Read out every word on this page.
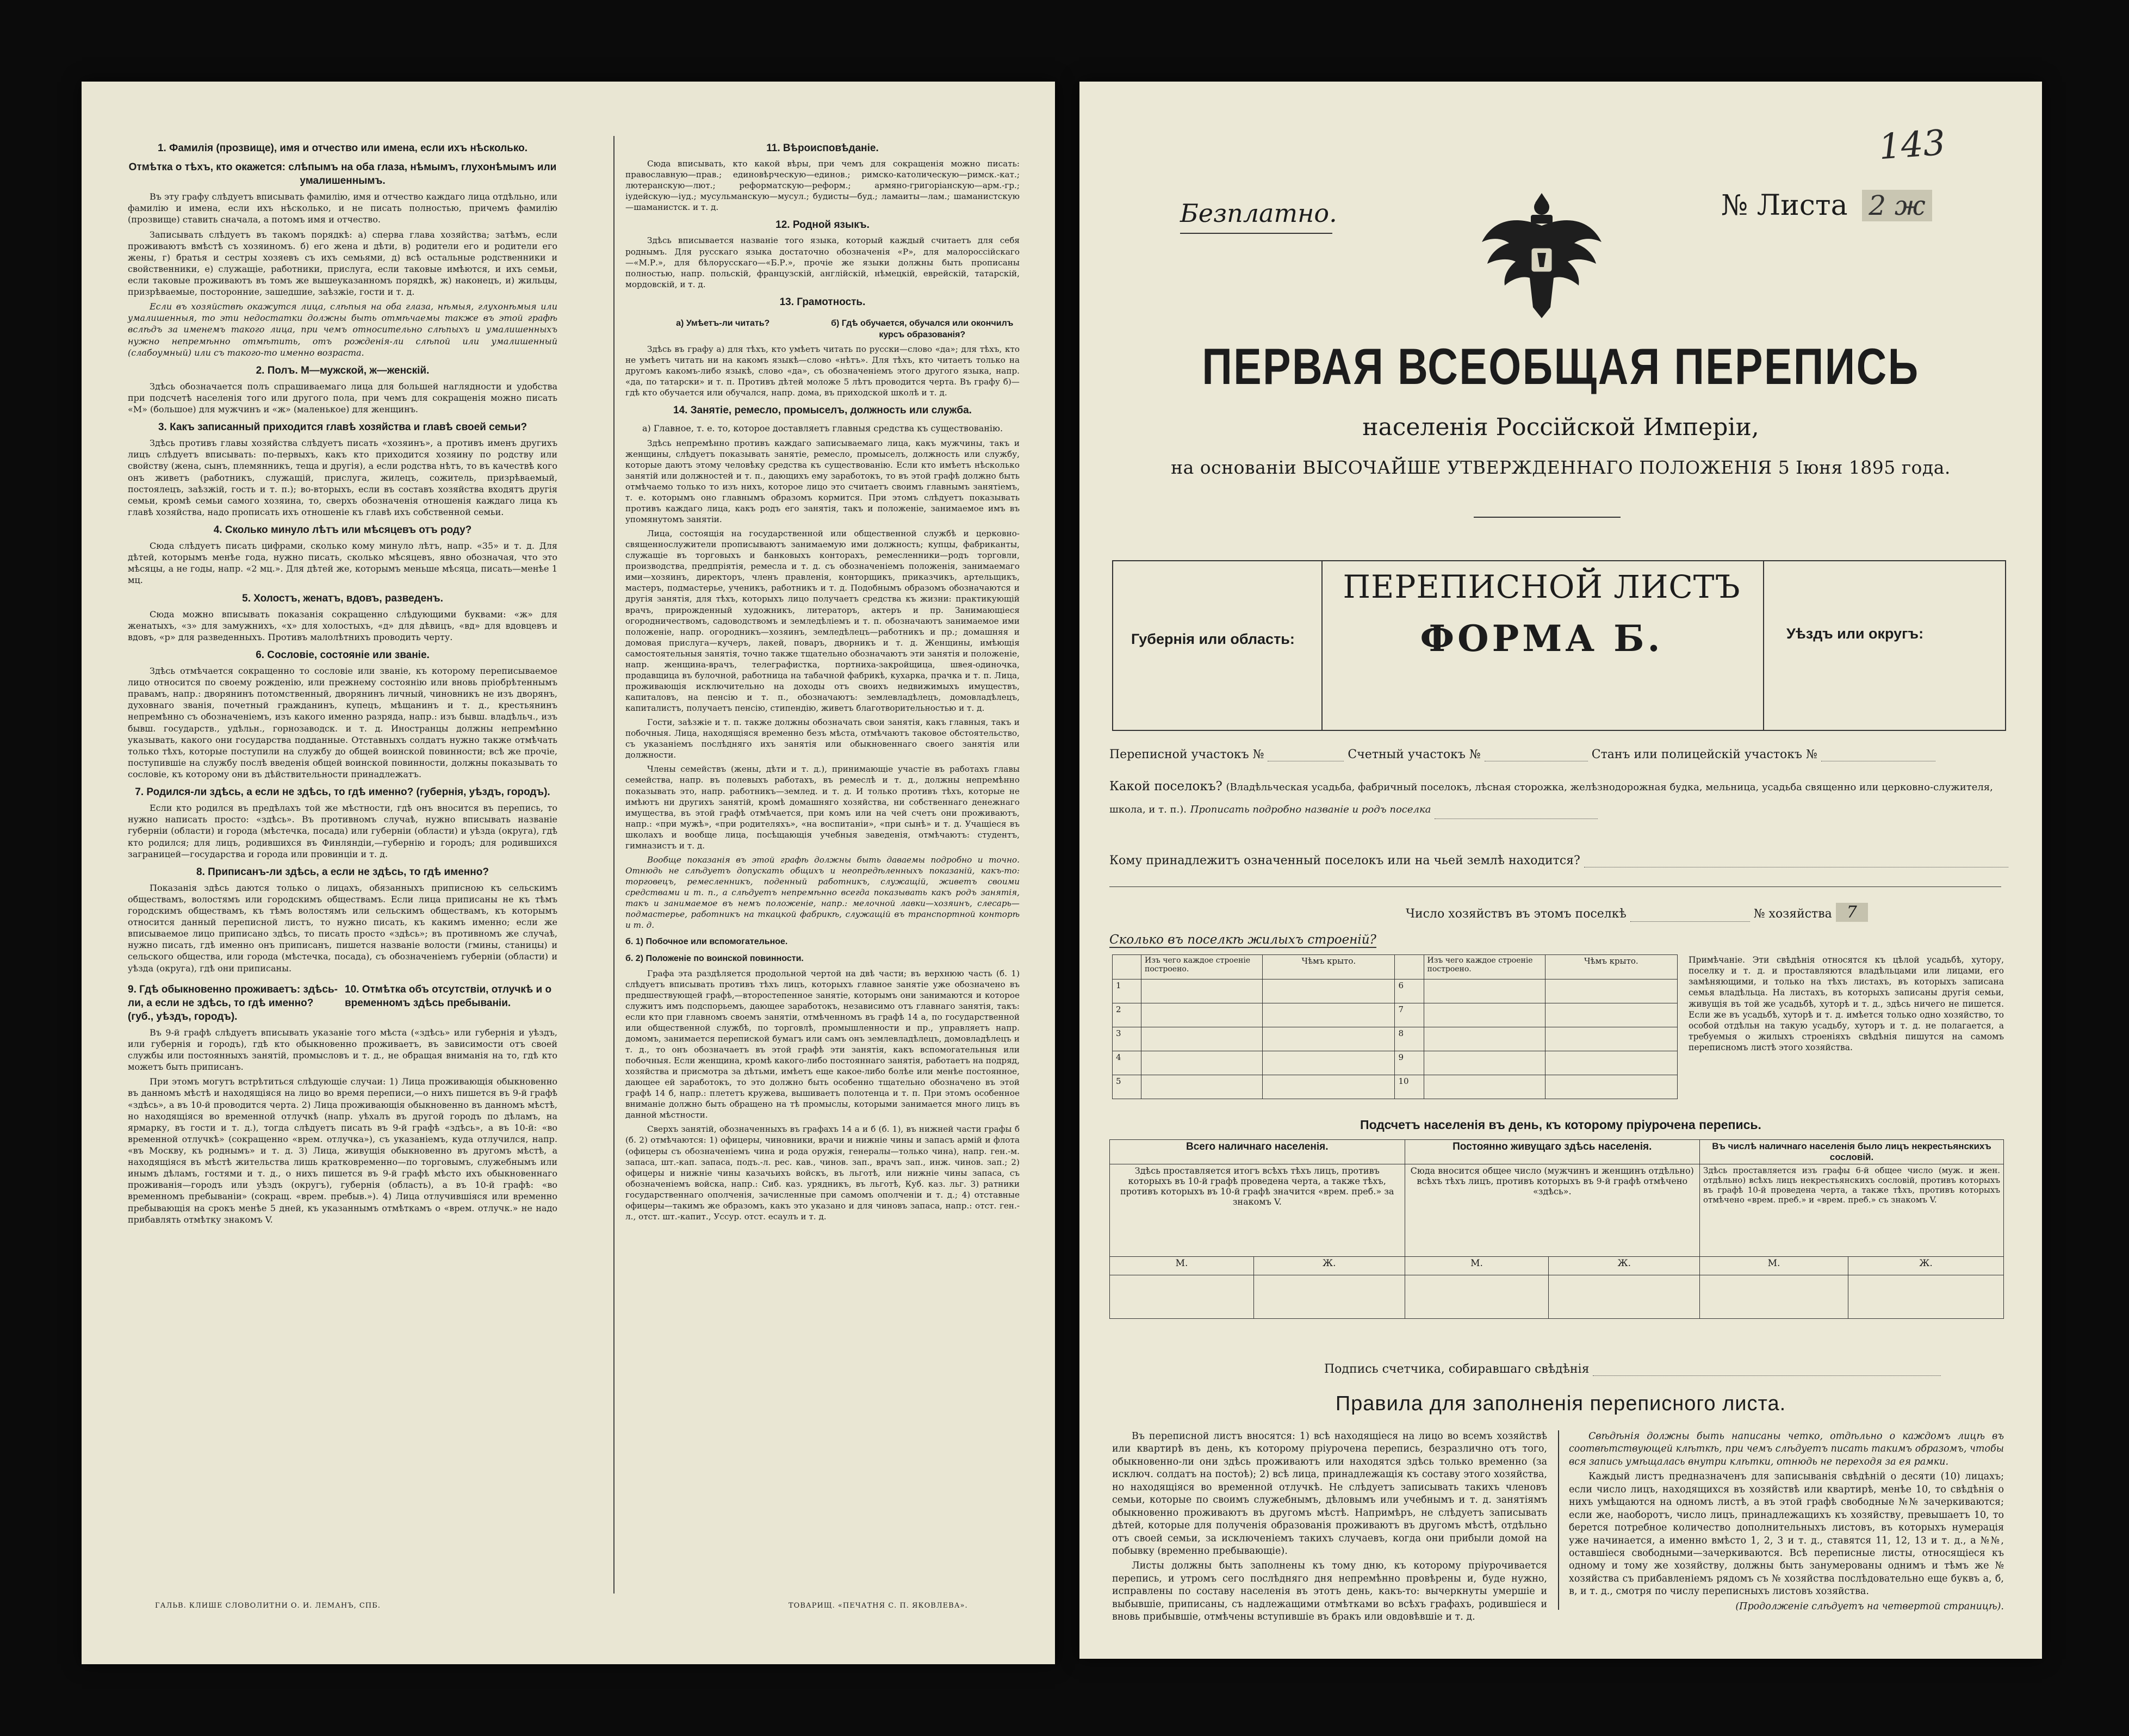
1. Фамилія (прозвище), имя и отчество или имена, если ихъ нѣсколько.
Отмѣтка о тѣхъ, кто окажется: слѣпымъ на оба глаза, нѣмымъ, глухонѣмымъ или умалишеннымъ.

Въ эту графу слѣдуетъ вписывать фамилію, имя и отчество каждаго лица отдѣльно, или фамилію и имена, если ихъ нѣсколько, и не писать полностью, причемъ фамилію (прозвище) ставить сначала, а потомъ имя и отчество.

Записывать слѣдуетъ въ такомъ порядкѣ: а) сперва глава хозяйства; затѣмъ, если проживаютъ вмѣстѣ съ хозяиномъ. б) его жена и дѣти, в) родители его и родители его жены, г) братья и сестры хозяевъ съ ихъ семьями, д) всѣ остальные родственники и свойственники, е) служащіе, работники, прислуга, если таковые имѣются, и ихъ семьи, если таковые проживаютъ въ томъ же вышеуказанномъ порядкѣ, ж) наконецъ, и) жильцы, призрѣваемые, посторонние, зашедшие, заѣзжіе, гости и т. д.

Если въ хозяйствѣ окажутся лица, слѣпыя на оба глаза, нѣмыя, глухонѣмыя или умалишенныя, то эти недостатки должны быть отмѣчаемы также въ этой графѣ вслѣдъ за именемъ такого лица, при чемъ относительно слѣпыхъ и умалишенныхъ нужно непремѣнно отмѣтить, отъ рожденія-ли слѣпой или умалишенный (слабоумный) или съ такого-то именно возраста.

2. Полъ. М—мужской, ж—женскій.

Здѣсь обозначается полъ спрашиваемаго лица для большей наглядности и удобства при подсчетѣ населенія того или другого пола, при чемъ для сокращенія можно писать «М» (большое) для мужчинъ и «ж» (маленькое) для женщинъ.

3. Какъ записанный приходится главѣ хозяйства и главѣ своей семьи?

Здѣсь противъ главы хозяйства слѣдуетъ писать «хозяинъ», а противъ именъ другихъ лицъ слѣдуетъ вписывать: по-первыхъ, какъ кто приходится хозяину по родству или свойству (жена, сынъ, племянникъ, теща и другія), а если родства нѣтъ, то въ качествѣ кого онъ живетъ (работникъ, служащій, прислуга, жилецъ, сожитель, призрѣваемый, постоялецъ, заѣзжій, гость и т. п.); во-вторыхъ, если въ составъ хозяйства входятъ другія семьи, кромѣ семьи самого хозяина, то, сверхъ обозначенія отношенія каждаго лица къ главѣ хозяйства, надо прописать ихъ отношеніе къ главѣ ихъ собственной семьи.

4. Сколько минуло лѣтъ или мѣсяцевъ отъ роду?

Сюда слѣдуетъ писать цифрами, сколько кому минуло лѣтъ, напр. «35» и т. д. Для дѣтей, которымъ менѣе года, нужно писать, сколько мѣсяцевъ, явно обозначая, что это мѣсяцы, а не годы, напр. «2 мц.». Для дѣтей же, которымъ меньше мѣсяца, писать—менѣе 1 мц.

5. Холостъ, женатъ, вдовъ, разведенъ.

Сюда можно вписывать показанія сокращенно слѣдующими буквами: «ж» для женатыхъ, «з» для замужнихъ, «х» для холостыхъ, «д» для дѣвицъ, «вд» для вдовцевъ и вдовъ, «р» для разведенныхъ. Противъ малолѣтнихъ проводить черту.

6. Сословіе, состояніе или званіе.

Здѣсь отмѣчается сокращенно то сословіе или званіе, къ которому переписываемое лицо относится по своему рожденію, или прежнему состоянію или вновь пріобрѣтеннымъ правамъ, напр.: дворянинъ потомственный, дворянинъ личный, чиновникъ не изъ дворянъ, духовнаго званія, почетный гражданинъ, купецъ, мѣщанинъ и т. д., крестьянинъ непремѣнно съ обозначеніемъ, изъ какого именно разряда, напр.: изъ бывш. владѣльч., изъ бывш. государств., удѣльн., горнозаводск. и т. д. Иностранцы должны непремѣнно указывать, какого они государства подданные. Отставныхъ солдатъ нужно также отмѣчать только тѣхъ, которые поступили на службу до общей воинской повинности; всѣ же прочіе, поступившіе на службу послѣ введенія общей воинской повинности, должны показывать то сословіе, къ которому они въ дѣйствительности принадлежатъ.

7. Родился-ли здѣсь, а если не здѣсь, то гдѣ именно? (губернія, уѣздъ, городъ).

Если кто родился въ предѣлахъ той же мѣстности, гдѣ онъ вносится въ перепись, то нужно написать просто: «здѣсь». Въ противномъ случаѣ, нужно вписывать названіе губерніи (области) и города (мѣстечка, посада) или губерніи (области) и уѣзда (округа), гдѣ кто родился; для лицъ, родившихся въ Финляндіи,—губернію и городъ; для родившихся заграницей—государства и города или провинціи и т. д.

8. Приписанъ-ли здѣсь, а если не здѣсь, то гдѣ именно?

Показанія здѣсь даются только о лицахъ, обязанныхъ приписною къ сельскимъ обществамъ, волостямъ или городскимъ обществамъ. Если лица приписаны не къ тѣмъ городскимъ обществамъ, къ тѣмъ волостямъ или сельскимъ обществамъ, къ которымъ относится данный переписной листъ, то нужно писать, къ какимъ именно; если же вписываемое лицо приписано здѣсь, то писать просто «здѣсь»; въ противномъ же случаѣ, нужно писать, гдѣ именно онъ приписанъ, пишется названіе волости (гмины, станицы) и сельского общества, или города (мѣстечка, посада), съ обозначеніемъ губерніи (области) и уѣзда (округа), гдѣ они приписаны.

9. Гдѣ обыкновенно проживаетъ: здѣсь-ли, а если не здѣсь, то гдѣ именно? (губ., уѣздъ, городъ).
10. Отмѣтка объ отсутствіи, отлучкѣ и о временномъ здѣсь пребываніи.

Въ 9-й графѣ слѣдуетъ вписывать указаніе того мѣста («здѣсь» или губернія и уѣздъ, или губернія и городъ), гдѣ кто обыкновенно проживаетъ, въ зависимости отъ своей службы или постоянныхъ занятій, промысловъ и т. д., не обращая вниманія на то, гдѣ кто можетъ быть приписанъ.

При этомъ могутъ встрѣтиться слѣдующіе случаи: 1) Лица проживающія обыкновенно въ данномъ мѣстѣ и находящіяся на лицо во время переписи,—о нихъ пишется въ 9-й графѣ «здѣсь», а въ 10-й проводится черта. 2) Лица проживающія обыкновенно въ данномъ мѣстѣ, но находящіяся во временной отлучкѣ (напр. уѣхалъ въ другой городъ по дѣламъ, на ярмарку, въ гости и т. д.), тогда слѣдуетъ писать въ 9-й графѣ «здѣсь», а въ 10-й: «во временной отлучкѣ» (сокращенно «врем. отлучка»), съ указаніемъ, куда отлучился, напр. «въ Москву, къ роднымъ» и т. д. 3) Лица, живущія обыкновенно въ другомъ мѣстѣ, а находящіяся въ мѣстѣ жительства лишь кратковременно—по торговымъ, служебнымъ или инымъ дѣламъ, гостями и т. д., о нихъ пишется въ 9-й графѣ мѣсто ихъ обыкновеннаго проживанія—городъ или уѣздъ (округъ), губернія (область), а въ 10-й графѣ: «во временномъ пребываніи» (сокращ. «врем. пребыв.»). 4) Лица отлучившіяся или временно пребывающія на срокъ менѣе 5 дней, къ указаннымъ отмѣткамъ о «врем. отлучк.» не надо прибавлять отмѣтку знакомъ V.

11. Вѣроисповѣданіе.

Сюда вписывать, кто какой вѣры, при чемъ для сокращенія можно писать: православную—прав.; единовѣрческую—единов.; римско-католическую—римск.-кат.; лютеранскую—лют.; реформатскую—реформ.; армяно-григоріанскую—арм.-гр.; іудейскую—іуд.; мусульманскую—мусул.; будисты—буд.; ламаиты—лам.; шаманистскую—шаманистск. и т. д.

12. Родной языкъ.

Здѣсь вписывается названіе того языка, который каждый считаетъ для себя роднымъ. Для русскаго языка достаточно обозначенія «Р», для малороссійскаго—«М.Р.», для бѣлорусскаго—«Б.Р.», прочіе же языки должны быть прописаны полностью, напр. польскій, французскій, англійскій, нѣмецкій, еврейскій, татарскій, мордовскій, и т. д.

13. Грамотность.
а) Умѣетъ-ли читать?	б) Гдѣ обучается, обучался или окончилъ курсъ образованія?

Здѣсь въ графу а) для тѣхъ, кто умѣетъ читать по русски—слово «да»; для тѣхъ, кто не умѣетъ читать ни на какомъ языкѣ—слово «нѣтъ». Для тѣхъ, кто читаетъ только на другомъ какомъ-либо языкѣ, слово «да», съ обозначеніемъ этого другого языка, напр. «да, по татарски» и т. п. Противъ дѣтей моложе 5 лѣтъ проводится черта. Въ графу б)—гдѣ кто обучается или обучался, напр. дома, въ приходской школѣ и т. д.

14. Занятіе, ремесло, промыселъ, должность или служба.
а) Главное, т. е. то, которое доставляетъ главныя средства къ существованію.

Здѣсь непремѣнно противъ каждаго записываемаго лица, какъ мужчины, такъ и женщины, слѣдуетъ показывать занятіе, ремесло, промыселъ, должность или службу, которые даютъ этому человѣку средства къ существованію. Если кто имѣетъ нѣсколько занятій или должностей и т. п., дающихъ ему заработокъ, то въ этой графѣ должно быть отмѣчаемо только то изъ нихъ, которое лицо это считаетъ своимъ главнымъ занятіемъ, т. е. которымъ оно главнымъ образомъ кормится. При этомъ слѣдуетъ показывать противъ каждаго лица, какъ родъ его занятія, такъ и положеніе, занимаемое имъ въ упомянутомъ занятіи.

Лица, состоящія на государственной или общественной службѣ и церковно-священнослужители прописываютъ занимаемую ими должность; купцы, фабриканты, служащіе въ торговыхъ и банковыхъ конторахъ, ремесленники—родъ торговли, производства, предпріятія, ремесла и т. д. съ обозначеніемъ положенія, занимаемаго ими—хозяинъ, директоръ, членъ правленія, конторщикъ, приказчикъ, артельщикъ, мастеръ, подмастерье, ученикъ, работникъ и т. д. Подобнымъ образомъ обозначаются и другія занятія, для тѣхъ, которыхъ лицо получаетъ средства къ жизни: практикующій врачъ, прирожденный художникъ, литераторъ, актеръ и пр. Занимающіеся огородничествомъ, садоводствомъ и земледѣліемъ и т. п. обозначаютъ занимаемое ими положеніе, напр. огородникъ—хозяинъ, земледѣлецъ—работникъ и пр.; домашняя и домовая прислуга—кучеръ, лакей, поваръ, дворникъ и т. д. Женщины, имѣющія самостоятельныя занятія, точно также тщательно обозначаютъ эти занятія и положеніе, напр. женщина-врачъ, телеграфистка, портниха-закройщица, швея-одиночка, продавщица въ булочной, работница на табачной фабрикѣ, кухарка, прачка и т. п. Лица, проживающія исключительно на доходы отъ своихъ недвижимыхъ имуществъ, капиталовъ, на пенсію и т. п., обозначаютъ: землевладѣлецъ, домовладѣлецъ, капиталистъ, получаетъ пенсію, стипендію, живетъ благотворительностью и т. д.

Гости, заѣзжіе и т. п. также должны обозначать свои занятія, какъ главныя, такъ и побочныя. Лица, находящіяся временно безъ мѣста, отмѣчаютъ таковое обстоятельство, съ указаніемъ послѣдняго ихъ занятія или обыкновеннаго своего занятія или должности.

Члены семействъ (жены, дѣти и т. д.), принимающіе участіе въ работахъ главы семейства, напр. въ полевыхъ работахъ, въ ремеслѣ и т. д., должны непремѣнно показывать это, напр. работникъ—землед. и т. д. И только противъ тѣхъ, которые не имѣютъ ни другихъ занятій, кромѣ домашняго хозяйства, ни собственнаго денежнаго имущества, въ этой графѣ отмѣчается, при комъ или на чей счетъ они проживаютъ, напр.: «при мужѣ», «при родителяхъ», «на воспитаніи», «при сынѣ» и т. д. Учащіеся въ школахъ и вообще лица, посѣщающія учебныя заведенія, отмѣчаютъ: студентъ, гимназистъ и т. д.

Вообще показанія въ этой графѣ должны быть даваемы подробно и точно. Отнюдь не слѣдуетъ допускать общихъ и неопредѣленныхъ показаній, какъ-то: торговецъ, ремесленникъ, поденный работникъ, служащій, живетъ своими средствами и т. п., а слѣдуетъ непремѣнно всегда показывать какъ родъ занятія, такъ и занимаемое въ немъ положеніе, напр.: мелочной лавки—хозяинъ, слесарь—подмастерье, работникъ на ткацкой фабрикѣ, служащій въ транспортной конторѣ и т. д.

б. 1) Побочное или вспомогательное.
б. 2) Положеніе по воинской повинности.

Графа эта раздѣляется продольной чертой на двѣ части; въ верхнюю часть (б. 1) слѣдуетъ вписывать противъ тѣхъ лицъ, которыхъ главное занятіе уже обозначено въ предшествующей графѣ,—второстепенное занятіе, которымъ они занимаются и которое служитъ имъ подспорьемъ, дающее заработокъ, независимо отъ главнаго занятія, такъ: если кто при главномъ своемъ занятіи, отмѣченномъ въ графѣ 14 а, по государственной или общественной службѣ, по торговлѣ, промышленности и пр., управляетъ напр. домомъ, занимается перепиской бумагъ или самъ онъ землевладѣлецъ, домовладѣлецъ и т. д., то онъ обозначаетъ въ этой графѣ эти занятія, какъ вспомогательныя или побочныя. Если женщина, кромѣ какого-либо постояннаго занятія, работаетъ на подряд, хозяйства и присмотра за дѣтьми, имѣетъ еще какое-либо болѣе или менѣе постоянное, дающее ей заработокъ, то это должно быть особенно тщательно обозначено въ этой графѣ 14 б, напр.: плететъ кружева, вышиваетъ полотенца и т. п. При этомъ особенное вниманіе должно быть обращено на тѣ промыслы, которыми занимается много лицъ въ данной мѣстности.

Сверхъ занятій, обозначенныхъ въ графахъ 14 а и б (б. 1), въ нижней части графы б (б. 2) отмѣчаются: 1) офицеры, чиновники, врачи и нижніе чины и запасъ армій и флота (офицеры съ обозначеніемъ чина и рода оружія, генералы—только чина), напр. ген.-м. запаса, шт.-кап. запаса, подъ.-л. рес. кав., чинов. зап., врачъ зап., инж. чинов. зап.; 2) офицеры и нижніе чины казачьихъ войскъ, въ льготѣ, или нижніе чины запаса, съ обозначеніемъ войска, напр.: Сиб. каз. урядникъ, въ льготѣ, Куб. каз. льг. 3) ратники государственнаго ополченія, зачисленные при самомъ ополченіи и т. д.; 4) отставные офицеры—такимъ же образомъ, какъ это указано и для чиновъ запаса, напр.: отст. ген.-л., отст. шт.-капит., Уссур. отст. есаулъ и т. д.

ГАЛЬВ. КЛИШЕ СЛОВОЛИТНИ О. И. ЛЕМАНЪ, СПБ.	ТОВАРИЩ. «ПЕЧАТНЯ С. П. ЯКОВЛЕВА».
143
Безплатно.	№ Листа 2 ж
ПЕРВАЯ ВСЕОБЩАЯ ПЕРЕПИСЬ
населенія Россійской Имперіи,
на основаніи ВЫСОЧАЙШЕ УТВЕРЖДЕННАГО ПОЛОЖЕНІЯ 5 Іюня 1895 года.
Губернія или область:
ПЕРЕПИСНОЙ ЛИСТЪ
ФОРМА Б.	Уѣздъ или округъ:
Переписной участокъ №	Счетный участокъ №	Станъ или полицейскій участокъ №
Какой поселокъ? (Владѣльческая усадьба, фабричный поселокъ, лѣсная сторожка, желѣзнодорожная будка, мельница, усадьба священно или церковно-служителя, школа, и т. п.). Прописать подробно названіе и родъ поселка
Кому принадлежитъ означенный поселокъ или на чьей землѣ находится?
Число хозяйствъ въ этомъ поселкѣ	№ хозяйства 7
Сколько въ поселкѣ жилыхъ строеній?
	Изъ чего каждое строеніе построено.	Чѣмъ крыто.		Изъ чего каждое строеніе построено.	Чѣмъ крыто.
1			6		
2			7		
3			8		
4			9		
5			10		
Примѣчаніе. Эти свѣдѣнія относятся къ цѣлой усадьбѣ, хутору, поселку и т. д. и проставляются владѣльцами или лицами, его замѣняющими, и только на тѣхъ листахъ, въ которыхъ записана семья владѣльца. На листахъ, въ которыхъ записаны другія семьи, живущія въ той же усадьбѣ, хуторѣ и т. д., здѣсь ничего не пишется. Если же въ усадьбѣ, хуторѣ и т. д. имѣется только одно хозяйство, то особой отдѣльн на такую усадьбу, хуторъ и т. д. не полагается, а требуемыя о жилыхъ строеніяхъ свѣдѣнія пишутся на самомъ переписномъ листѣ этого хозяйства.
Подсчетъ населенія въ день, къ которому пріурочена перепись.
Всего наличнаго населенія.		Постоянно живущаго здѣсь населенія.		Въ числѣ наличнаго населенія было лицъ некрестьянскихъ сословій.	
Здѣсь проставляется итогъ всѣхъ тѣхъ лицъ, противъ которыхъ въ 10-й графѣ проведена черта, а также тѣхъ, противъ которыхъ въ 10-й графѣ значится «врем. преб.» за знакомъ V.		Сюда вносится общее число (мужчинъ и женщинъ отдѣльно) всѣхъ тѣхъ лицъ, противъ которыхъ въ 9-й графѣ отмѣчено «здѣсь».		Здѣсь проставляется изъ графы 6-й общее число (муж. и жен. отдѣльно) всѣхъ лицъ некрестьянскихъ сословій, противъ которыхъ въ графѣ 10-й проведена черта, а также тѣхъ, противъ которыхъ отмѣчено «врем. преб.» и «врем. преб.» съ знакомъ V.	
М.	Ж.	М.	Ж.	М.	Ж.

Подпись счетчика, собиравшаго свѣдѣнія
Правила для заполненія переписного листа.

Въ переписной листъ вносятся: 1) всѣ находящіеся на лицо во всемъ хозяйствѣ или квартирѣ въ день, къ которому пріурочена перепись, безразлично отъ того, обыкновенно-ли они здѣсь проживаютъ или находятся здѣсь только временно (за исключ. солдатъ на постоѣ); 2) всѣ лица, принадлежащія къ составу этого хозяйства, но находящіяся во временной отлучкѣ. Не слѣдуетъ записывать такихъ членовъ семьи, которые по своимъ служебнымъ, дѣловымъ или учебнымъ и т. д. занятіямъ обыкновенно проживаютъ въ другомъ мѣстѣ. Напримѣръ, не слѣдуетъ записывать дѣтей, которые для полученія образованія проживаютъ въ другомъ мѣстѣ, отдѣльно отъ своей семьи, за исключеніемъ такихъ случаевъ, когда они прибыли домой на побывку (временно пребывающіе).

Листы должны быть заполнены къ тому дню, къ которому пріурочивается перепись, и утромъ сего послѣдняго дня непремѣнно провѣрены и, буде нужно, исправлены по составу населенія въ этотъ день, какъ-то: вычеркнуты умершіе и выбывшіе, приписаны, съ надлежащими отмѣтками во всѣхъ графахъ, родившіеся и вновь прибывшіе, отмѣчены вступившіе въ бракъ или овдовѣвшіе и т. д.

Свѣдѣнія должны быть написаны четко, отдѣльно о каждомъ лицѣ въ соотвѣтствующей клѣткѣ, при чемъ слѣдуетъ писать такимъ образомъ, чтобы вся запись умѣщалась внутри клѣтки, отнюдь не переходя за ея рамки.

Каждый листъ предназначенъ для записыванія свѣдѣній о десяти (10) лицахъ; если число лицъ, находящихся въ хозяйствѣ или квартирѣ, менѣе 10, то свѣдѣнія о нихъ умѣщаются на одномъ листѣ, а въ этой графѣ свободные №№ зачеркиваются; если же, наоборотъ, число лицъ, принадлежащихъ къ хозяйству, превышаетъ 10, то берется потребное количество дополнительныхъ листовъ, въ которыхъ нумерація уже начинается, а именно вмѣсто 1, 2, 3 и т. д., ставятся 11, 12, 13 и т. д., а №№, оставшіеся свободными—зачеркиваются. Всѣ переписные листы, относящіеся къ одному и тому же хозяйству, должны быть занумерованы однимъ и тѣмъ же № хозяйства съ прибавленіемъ рядомъ съ № хозяйства послѣдовательно еще буквъ а, б, в, и т. д., смотря по числу переписныхъ листовъ хозяйства.

(Продолженіе слѣдуетъ на четвертой страницѣ).
